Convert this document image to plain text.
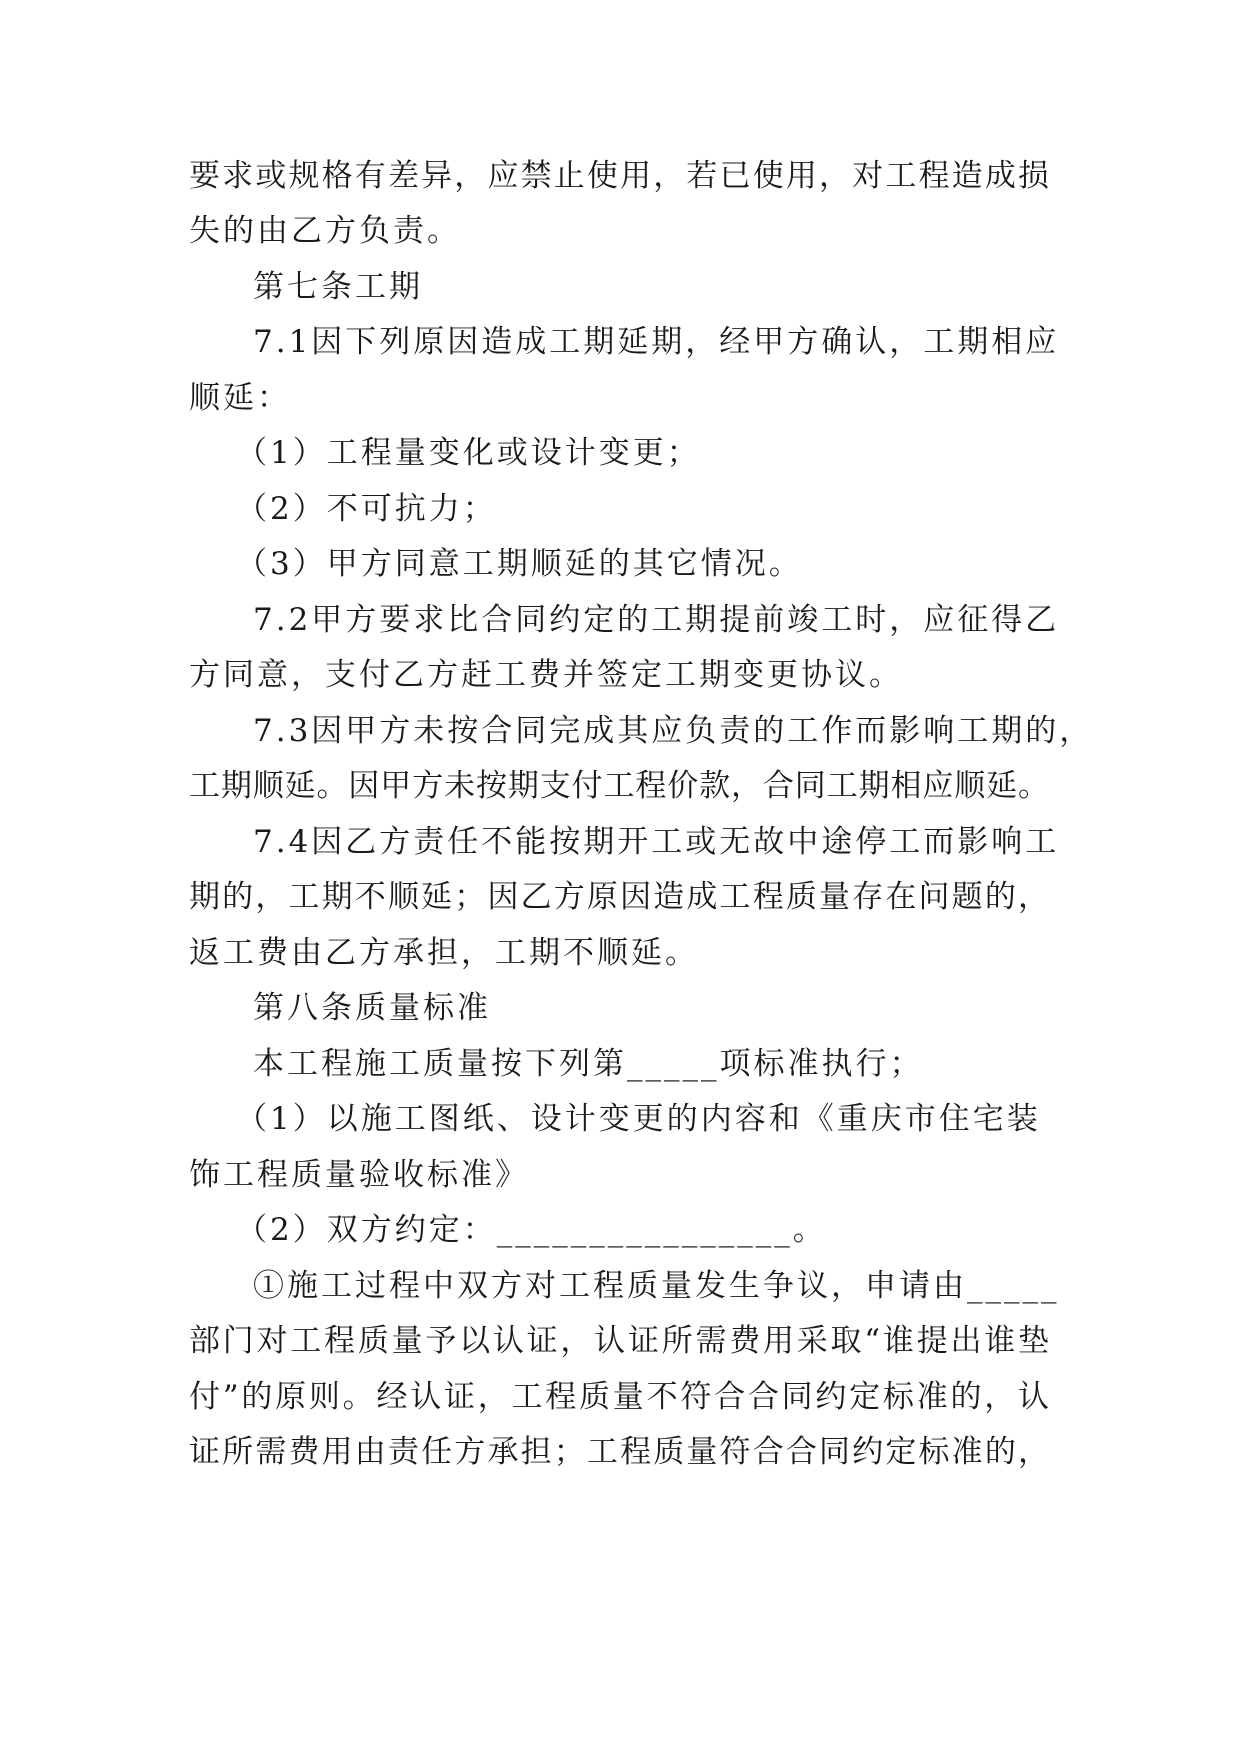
要求或规格有差异，应禁止使用，若已使用，对工程造成损
失的由乙方负责。
第七条工期
7.1因下列原因造成工期延期，经甲方确认，工期相应
顺延：
（1）工程量变化或设计变更；
（2）不可抗力；
（3）甲方同意工期顺延的其它情况。
7.2甲方要求比合同约定的工期提前竣工时，应征得乙
方同意，支付乙方赶工费并签定工期变更协议。
7.3因甲方未按合同完成其应负责的工作而影响工期的，
工期顺延。因甲方未按期支付工程价款，合同工期相应顺延。
7.4因乙方责任不能按期开工或无故中途停工而影响工
期的，工期不顺延；因乙方原因造成工程质量存在问题的，
返工费由乙方承担，工期不顺延。
第八条质量标准
本工程施工质量按下列第_____项标准执行；
（1）以施工图纸、设计变更的内容和《重庆市住宅装
饰工程质量验收标准》
（2）双方约定：________________。
①施工过程中双方对工程质量发生争议，申请由_____
部门对工程质量予以认证，认证所需费用采取“谁提出谁垫
付”的原则。经认证，工程质量不符合合同约定标准的，认
证所需费用由责任方承担；工程质量符合合同约定标准的，
